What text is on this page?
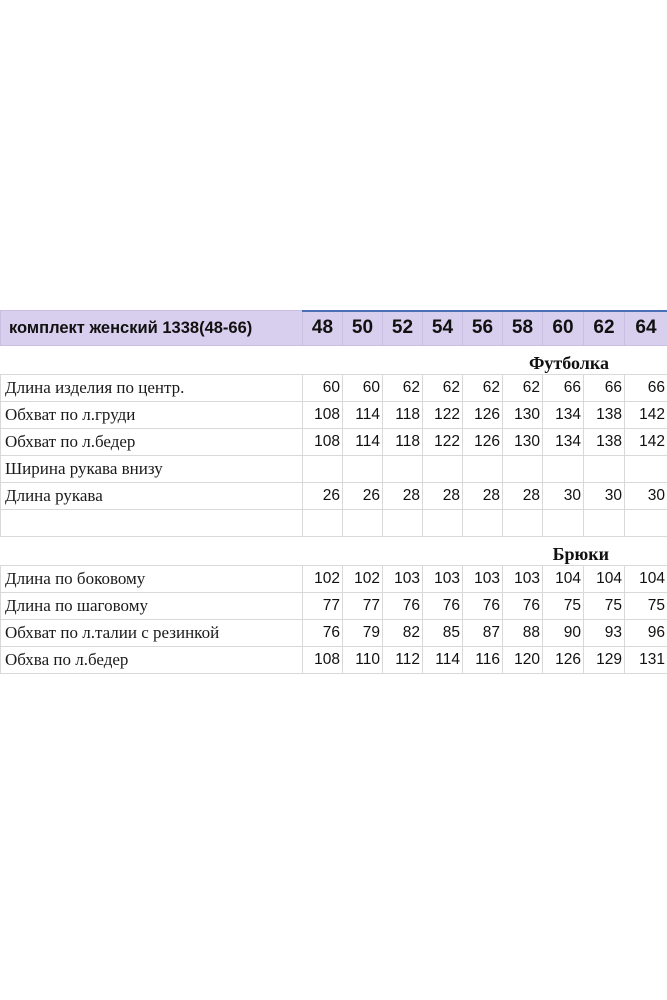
комплект женский 1338(48-66)	48	50	52	54	56	58	60	62	64
Футболка									
Длина изделия по центр.	60	60	62	62	62	62	66	66	66
Обхват по л.груди	108	114	118	122	126	130	134	138	142
Обхват по л.бедер	108	114	118	122	126	130	134	138	142
Ширина рукава внизу									
Длина рукава	26	26	28	28	28	28	30	30	30

Брюки									
Длина по боковому	102	102	103	103	103	103	104	104	104
Длина по шаговому	77	77	76	76	76	76	75	75	75
Обхват по л.талии с резинкой	76	79	82	85	87	88	90	93	96
Обхва по л.бедер	108	110	112	114	116	120	126	129	131
